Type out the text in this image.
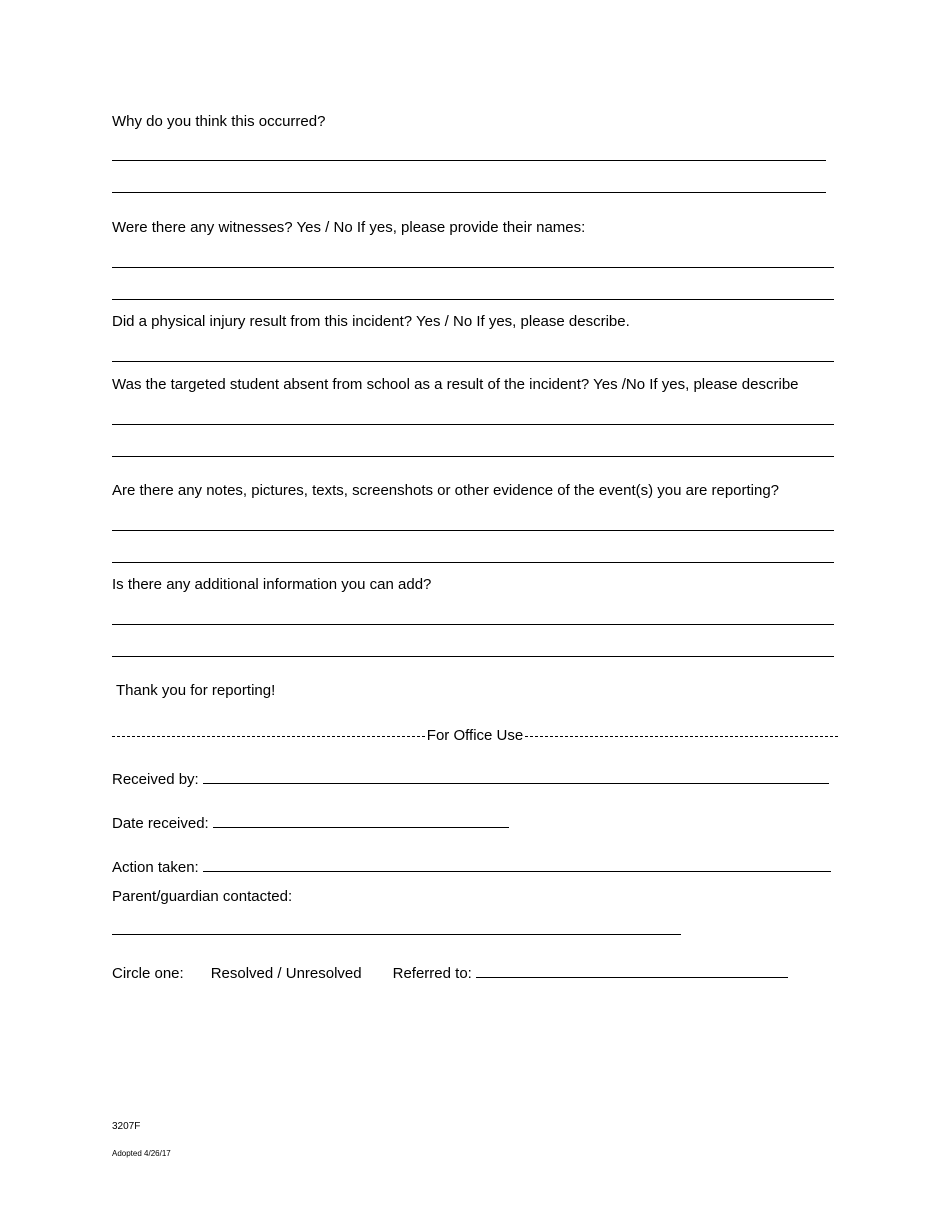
Why do you think this occurred?
Were there any witnesses? Yes / No If yes, please provide their names:
Did a physical injury result from this incident? Yes / No If yes, please describe.
Was the targeted student absent from school as a result of the incident? Yes /No If yes, please describe
Are there any notes, pictures, texts, screenshots or other evidence of the event(s) you are reporting?
Is there any additional information you can add?
Thank you for reporting!
For Office Use
Received by:
Date received:
Action taken:
Parent/guardian contacted:
Circle one: Resolved / Unresolved Referred to:
3207F
Adopted 4/26/17
